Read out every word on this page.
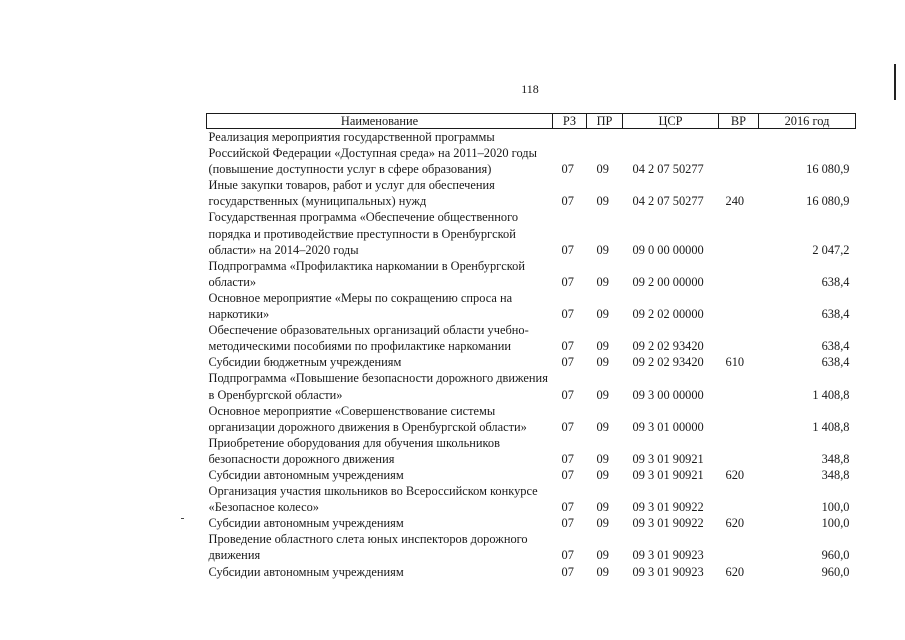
118
Наименование	РЗ	ПР	ЦСР	ВР	2016 год
Реализация мероприятия государственной программы Российской Федерации «Доступная среда» на 2011–2020 годы (повышение доступности услуг в сфере образования)	07	09	04 2 07 50277		16 080,9
Иные закупки товаров, работ и услуг для обеспечения государственных (муниципальных) нужд	07	09	04 2 07 50277	240	16 080,9
Государственная программа «Обеспечение общественного порядка и противодействие преступности в Оренбургской области» на 2014–2020 годы	07	09	09 0 00 00000		2 047,2
Подпрограмма «Профилактика наркомании в Оренбургской области»	07	09	09 2 00 00000		638,4
Основное мероприятие «Меры по сокращению спроса на наркотики»	07	09	09 2 02 00000		638,4
Обеспечение образовательных организаций области учебно-методическими пособиями по профилактике наркомании	07	09	09 2 02 93420		638,4
Субсидии бюджетным учреждениям	07	09	09 2 02 93420	610	638,4
Подпрограмма «Повышение безопасности дорожного движения в Оренбургской области»	07	09	09 3 00 00000		1 408,8
Основное мероприятие «Совершенствование системы организации дорожного движения в Оренбургской области»	07	09	09 3 01 00000		1 408,8
Приобретение оборудования для обучения школьников безопасности дорожного движения	07	09	09 3 01 90921		348,8
Субсидии автономным учреждениям	07	09	09 3 01 90921	620	348,8
Организация участия школьников во Всероссийском конкурсе «Безопасное колесо»	07	09	09 3 01 90922		100,0
Субсидии автономным учреждениям	07	09	09 3 01 90922	620	100,0
Проведение областного слета юных инспекторов дорожного движения	07	09	09 3 01 90923		960,0
Субсидии автономным учреждениям	07	09	09 3 01 90923	620	960,0
